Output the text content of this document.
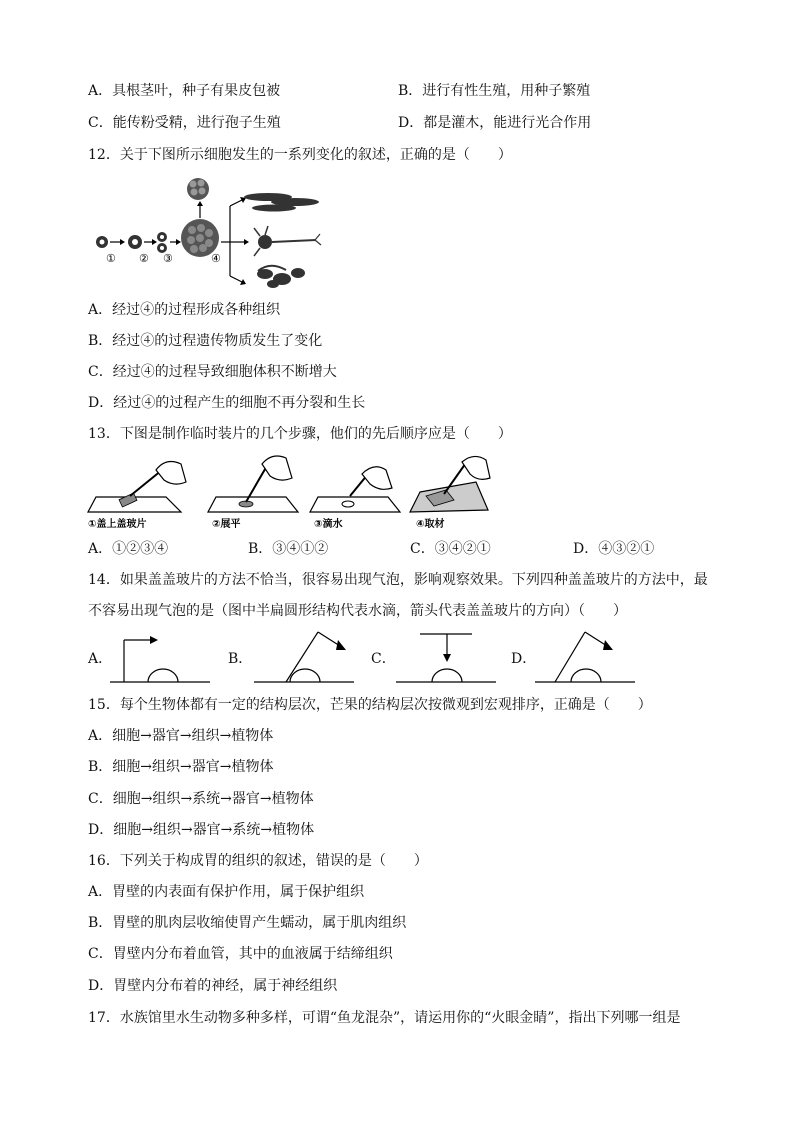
A．具根茎叶，种子有果皮包被	B．进行有性生殖，用种子繁殖
C．能传粉受精，进行孢子生殖	D．都是灌木，能进行光合作用
12．关于下图所示细胞发生的一系列变化的叙述，正确的是（　　）
① ② ③	④
A．经过④的过程形成各种组织
B．经过④的过程遗传物质发生了变化
C．经过④的过程导致细胞体积不断增大
D．经过④的过程产生的细胞不再分裂和生长
13．下图是制作临时装片的几个步骤，他们的先后顺序应是（　　）
①盖上盖玻片	②展平	③滴水	④取材
A．①②③④	B．③④①②	C．③④②①	D．④③②①
14．如果盖盖玻片的方法不恰当，很容易出现气泡，影响观察效果。下列四种盖盖玻片的方法中，最
不容易出现气泡的是（图中半扁圆形结构代表水滴，箭头代表盖盖玻片的方向）（　　）
A．	B．	C．	D．
15．每个生物体都有一定的结构层次，芒果的结构层次按微观到宏观排序，正确是（　　）
A．细胞→器官→组织→植物体
B．细胞→组织→器官→植物体
C．细胞→组织→系统→器官→植物体
D．细胞→组织→器官→系统→植物体
16．下列关于构成胃的组织的叙述，错误的是（　　）
A．胃壁的内表面有保护作用，属于保护组织
B．胃壁的肌肉层收缩使胃产生蠕动，属于肌肉组织
C．胃壁内分布着血管，其中的血液属于结缔组织
D．胃壁内分布着的神经，属于神经组织
17．水族馆里水生动物多种多样，可谓“鱼龙混杂”，请运用你的“火眼金睛”，指出下列哪一组是
